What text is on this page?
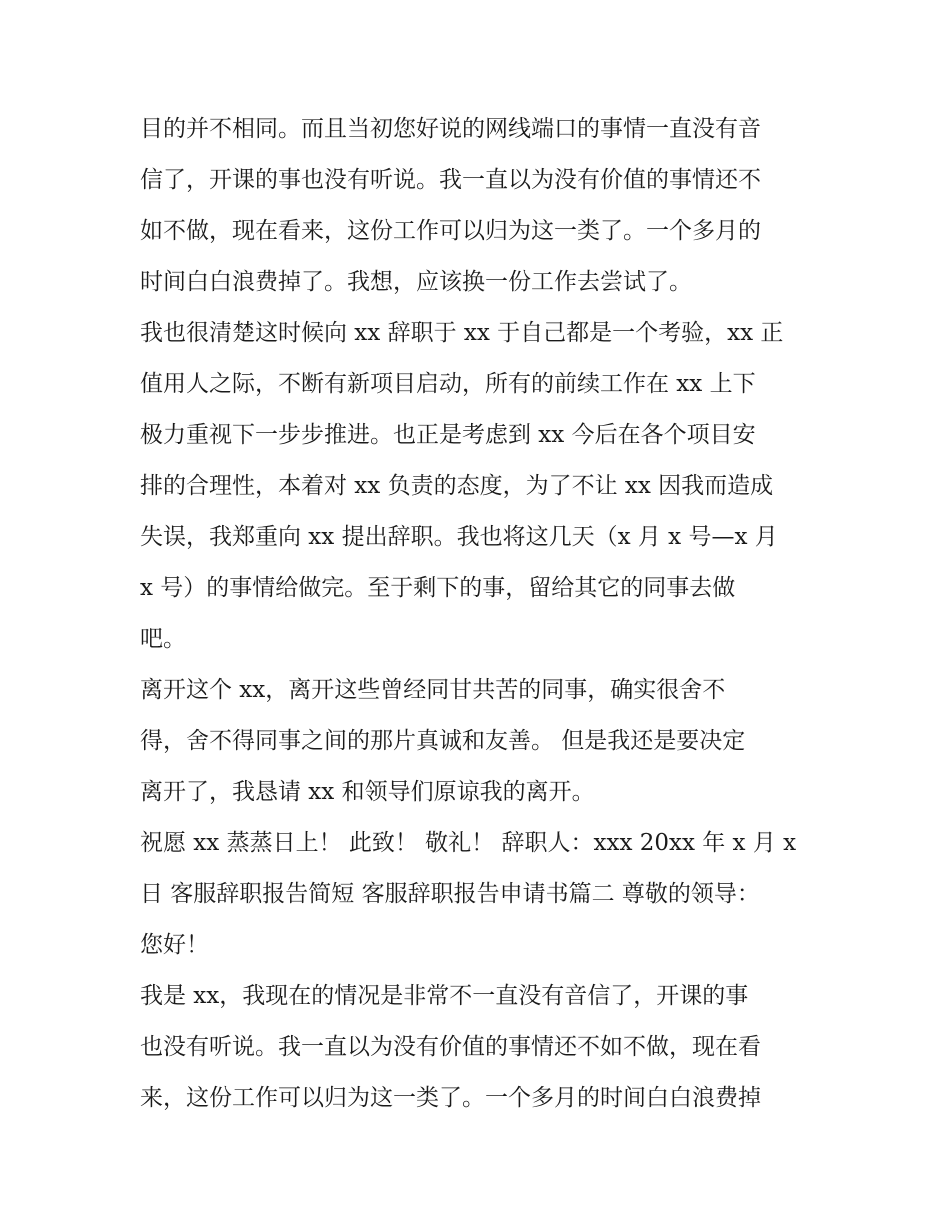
目的并不相同。而且当初您好说的网线端口的事情一直没有音
信了，开课的事也没有听说。我一直以为没有价值的事情还不
如不做，现在看来，这份工作可以归为这一类了。一个多月的
时间白白浪费掉了。我想，应该换一份工作去尝试了。
我也很清楚这时候向 xx 辞职于 xx 于自己都是一个考验，xx 正
值用人之际，不断有新项目启动，所有的前续工作在 xx 上下
极力重视下一步步推进。也正是考虑到 xx 今后在各个项目安
排的合理性，本着对 xx 负责的态度，为了不让 xx 因我而造成
失误，我郑重向 xx 提出辞职。我也将这几天（x 月 x 号—x 月
x 号）的事情给做完。至于剩下的事，留给其它的同事去做
吧。
离开这个 xx，离开这些曾经同甘共苦的同事，确实很舍不
得，舍不得同事之间的那片真诚和友善。 但是我还是要决定
离开了，我恳请 xx 和领导们原谅我的离开。
祝愿 xx 蒸蒸日上！ 此致！ 敬礼！ 辞职人：xxx 20xx 年 x 月 x
日 客服辞职报告简短 客服辞职报告申请书篇二 尊敬的领导：
您好！
我是 xx，我现在的情况是非常不一直没有音信了，开课的事
也没有听说。我一直以为没有价值的事情还不如不做，现在看
来，这份工作可以归为这一类了。一个多月的时间白白浪费掉
